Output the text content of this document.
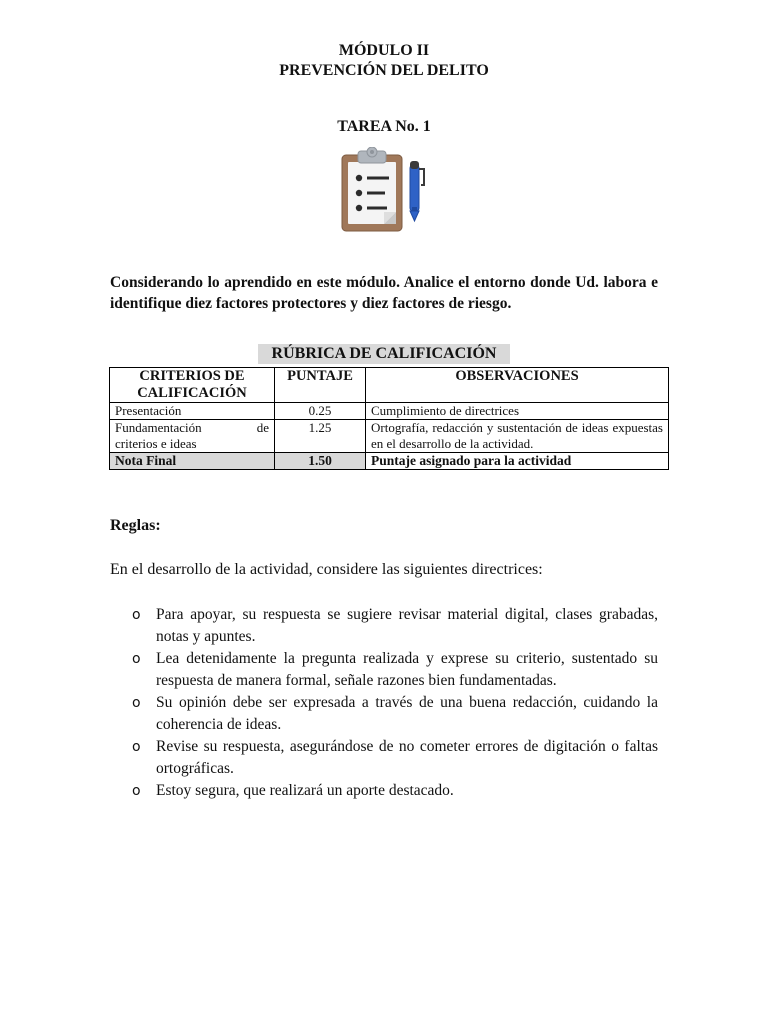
MÓDULO II
PREVENCIÓN DEL DELITO
TAREA No. 1
Considerando lo aprendido en este módulo. Analice el entorno donde Ud. labora e identifique diez factores protectores y diez factores de riesgo.
RÚBRICA DE CALIFICACIÓN
CRITERIOS DE CALIFICACIÓN	PUNTAJE	OBSERVACIONES
Presentación	0.25	Cumplimiento de directrices

Fundamentación de
criterios e ideas	1.25	Ortografía, redacción y sustentación de ideas expuestas en el desarrollo de la actividad.
Nota Final	1.50	Puntaje asignado para la actividad
Reglas:
En el desarrollo de la actividad, considere las siguientes directrices:
o Para apoyar, su respuesta se sugiere revisar material digital, clases grabadas, notas y apuntes.
o Lea detenidamente la pregunta realizada y exprese su criterio, sustentado su respuesta de manera formal, señale razones bien fundamentadas.
o Su opinión debe ser expresada a través de una buena redacción, cuidando la coherencia de ideas.
o Revise su respuesta, asegurándose de no cometer errores de digitación o faltas ortográficas.
o Estoy segura, que realizará un aporte destacado.
